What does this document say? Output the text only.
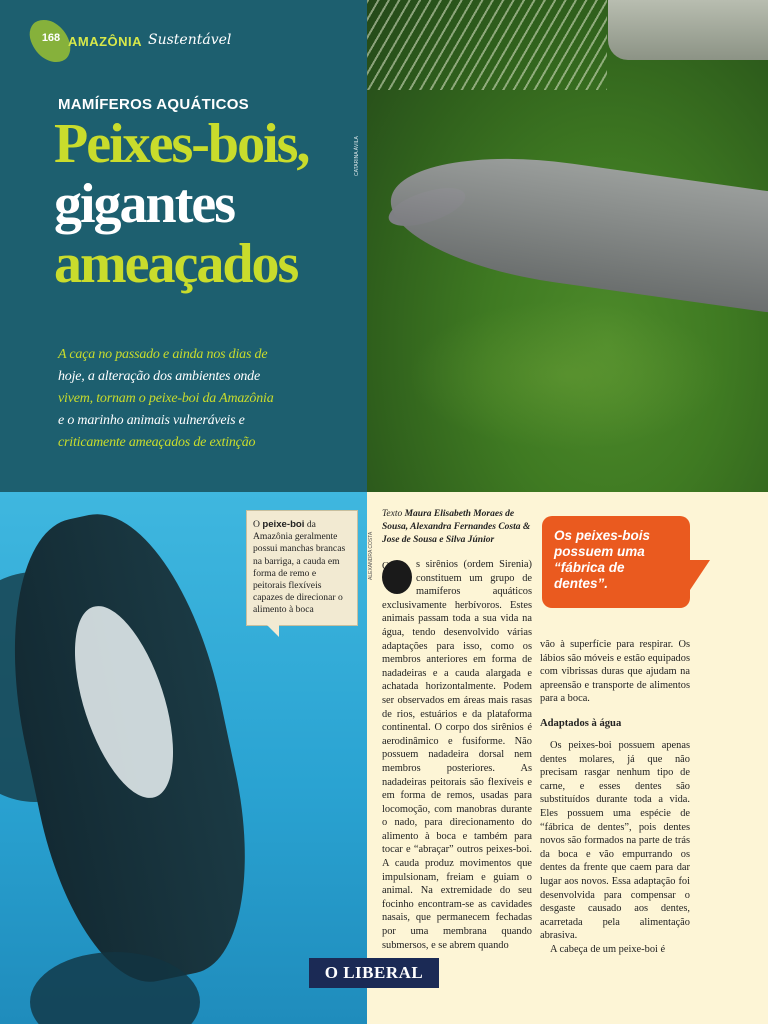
168 AMAZÔNIA Sustentável
MAMÍFEROS AQUÁTICOS
Peixes-bois,
gigantes
ameaçados
A caça no passado e ainda nos dias de
hoje, a alteração dos ambientes onde
vivem, tornam o peixe-boi da Amazônia
e o marinho animais vulneráveis e
criticamente ameaçados de extinção
CATARINA ÁVILA
ALEXANDRA COSTA
O peixe-boi da Amazônia geralmente possui manchas brancas na barriga, a cauda em forma de remo e peitorais flexíveis capazes de direcionar o alimento à boca
Texto Maura Elisabeth Moraes de Sousa, Alexandra Fernandes Costa & Jose de Sousa e Silva Júnior	Os peixes-bois possuem uma “fábrica de dentes”.

O	s sirênios (ordem Sirenia) constituem um grupo de mamíferos aquáticos exclusivamente herbívoros. Estes animais passam toda a sua vida na água, tendo desenvolvido várias adaptações para isso, como os membros anteriores em forma de nadadeiras e a cauda alargada e achatada horizontalmente. Podem ser observados em áreas mais rasas de rios, estuários e da plataforma continental. O corpo dos sirênios é aerodinâmico e fusiforme. Não possuem nadadeira dorsal nem membros posteriores. As nadadeiras peitorais são flexíveis e em forma de remos, usadas para locomoção, com manobras durante o nado, para direcionamento do alimento à boca e também para tocar e “abraçar” outros peixes-boi. A cauda produz movimentos que impulsionam, freiam e guiam o animal. Na extremidade do seu focinho encontram-se as cavidades nasais, que permanecem fechadas por uma membrana quando submersos, e se abrem quando

vão à superfície para respirar. Os lábios são móveis e estão equipados com vibrissas duras que ajudam na apreensão e transporte de alimentos para a boca.

Adaptados à água

Os peixes-boi possuem apenas dentes molares, já que não precisam rasgar nenhum tipo de carne, e esses dentes são substituídos durante toda a vida. Eles possuem uma espécie de “fábrica de dentes”, pois dentes novos são formados na parte de trás da boca e vão empurrando os dentes da frente que caem para dar lugar aos novos. Essa adaptação foi desenvolvida para compensar o desgaste causado aos dentes, acarretada pela alimentação abrasiva.

A cabeça de um peixe-boi é

O LIBERAL
